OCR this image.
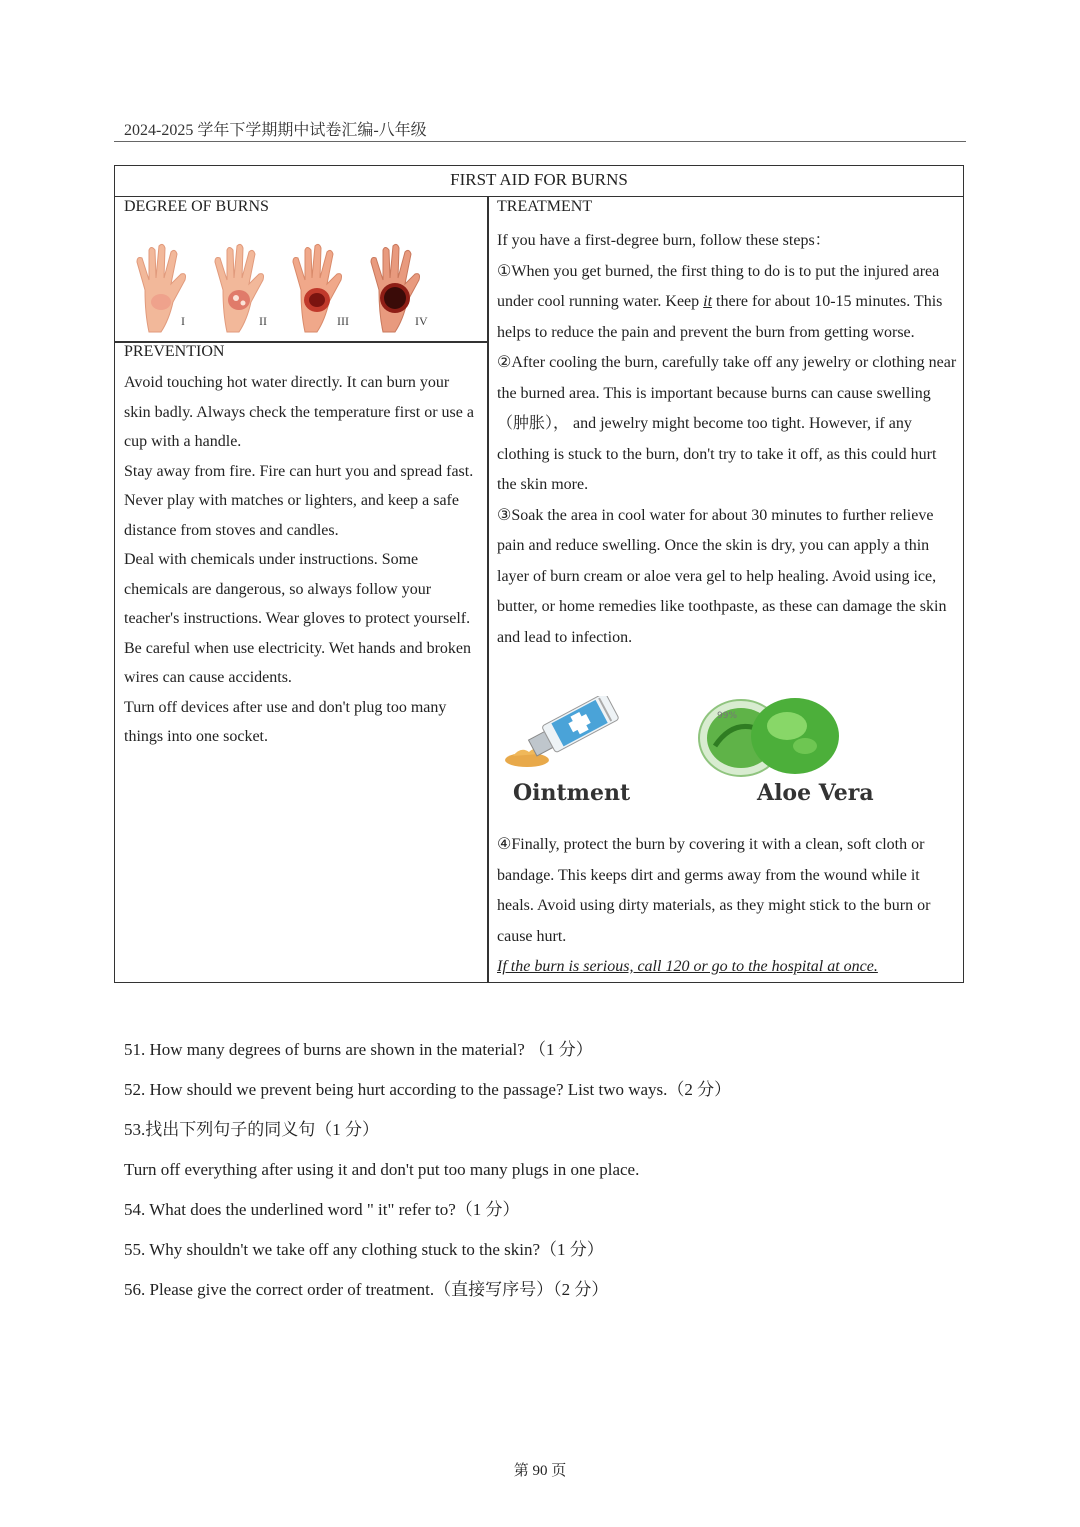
2024-2025 学年下学期期中试卷汇编-八年级
FIRST AID FOR BURNS
DEGREE OF BURNS
I	II	III	IV
PREVENTION

Avoid touching hot water directly. It can burn your skin badly. Always check the temperature first or use a cup with a handle.

Stay away from fire. Fire can hurt you and spread fast. Never play with matches or lighters, and keep a safe distance from stoves and candles.

Deal with chemicals under instructions. Some chemicals are dangerous, so always follow your teacher's instructions. Wear gloves to protect yourself. Be careful when use electricity. Wet hands and broken wires can cause accidents.

Turn off devices after use and don't plug too many things into one socket.

TREATMENT

If you have a first-degree burn, follow these steps：

①When you get burned, the first thing to do is to put the injured area under cool running water. Keep it there for about 10-15 minutes. This helps to reduce the pain and prevent the burn from getting worse.

②After cooling the burn, carefully take off any jewelry or clothing near the burned area. This is important because burns can cause swelling（肿胀）， and jewelry might become too tight. However, if any clothing is stuck to the burn, don't try to take it off, as this could hurt the skin more.

③Soak the area in cool water for about 30 minutes to further relieve pain and reduce swelling. Once the skin is dry, you can apply a thin layer of burn cream or aloe vera gel to help healing. Avoid using ice, butter, or home remedies like toothpaste, as these can damage the skin and lead to infection.

Ointment
99%
Aloe Vera

④Finally, protect the burn by covering it with a clean, soft cloth or bandage. This keeps dirt and germs away from the wound while it heals. Avoid using dirty materials, as they might stick to the burn or cause hurt.

If the burn is serious, call 120 or go to the hospital at once.

51. How many degrees of burns are shown in the material? （1 分）

52. How should we prevent being hurt according to the passage? List two ways.（2 分）

53.找出下列句子的同义句（1 分）

Turn off everything after using it and don't put too many plugs in one place.

54. What does the underlined word " it" refer to?（1 分）

55. Why shouldn't we take off any clothing stuck to the skin?（1 分）

56. Please give the correct order of treatment.（直接写序号）（2 分）

第 90 页
